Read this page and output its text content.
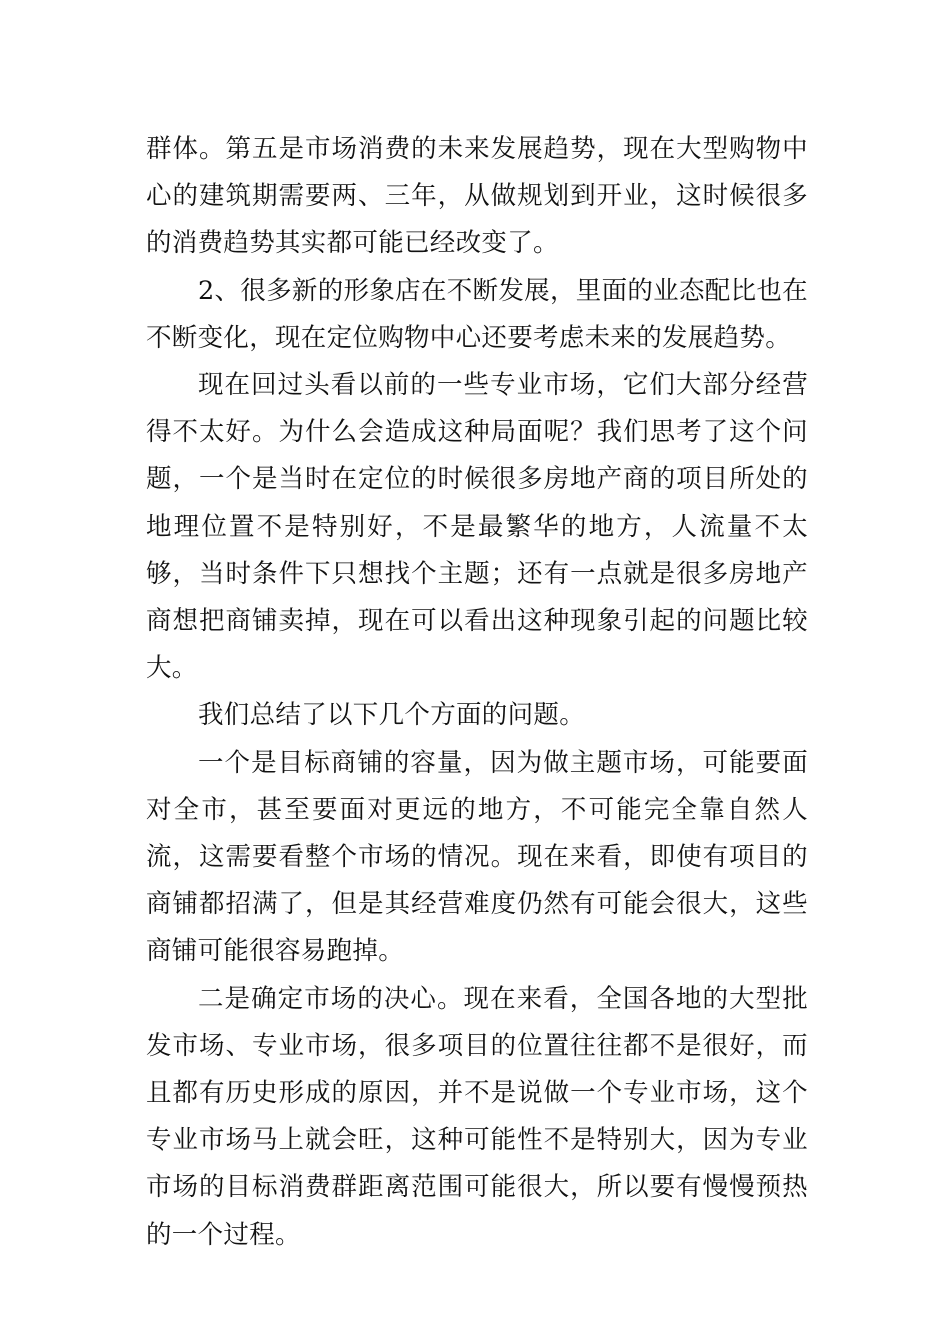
群体。第五是市场消费的未来发展趋势，现在大型购物中心的建筑期需要两、三年，从做规划到开业，这时候很多的消费趋势其实都可能已经改变了。

2、很多新的形象店在不断发展，里面的业态配比也在不断变化，现在定位购物中心还要考虑未来的发展趋势。

现在回过头看以前的一些专业市场，它们大部分经营得不太好。为什么会造成这种局面呢？我们思考了这个问题，一个是当时在定位的时候很多房地产商的项目所处的地理位置不是特别好，不是最繁华的地方，人流量不太够，当时条件下只想找个主题；还有一点就是很多房地产商想把商铺卖掉，现在可以看出这种现象引起的问题比较大。

我们总结了以下几个方面的问题。

一个是目标商铺的容量，因为做主题市场，可能要面对全市，甚至要面对更远的地方，不可能完全靠自然人流，这需要看整个市场的情况。现在来看，即使有项目的商铺都招满了，但是其经营难度仍然有可能会很大，这些商铺可能很容易跑掉。

二是确定市场的决心。现在来看，全国各地的大型批发市场、专业市场，很多项目的位置往往都不是很好，而且都有历史形成的原因，并不是说做一个专业市场，这个专业市场马上就会旺，这种可能性不是特别大，因为专业市场的目标消费群距离范围可能很大，所以要有慢慢预热的一个过程。
